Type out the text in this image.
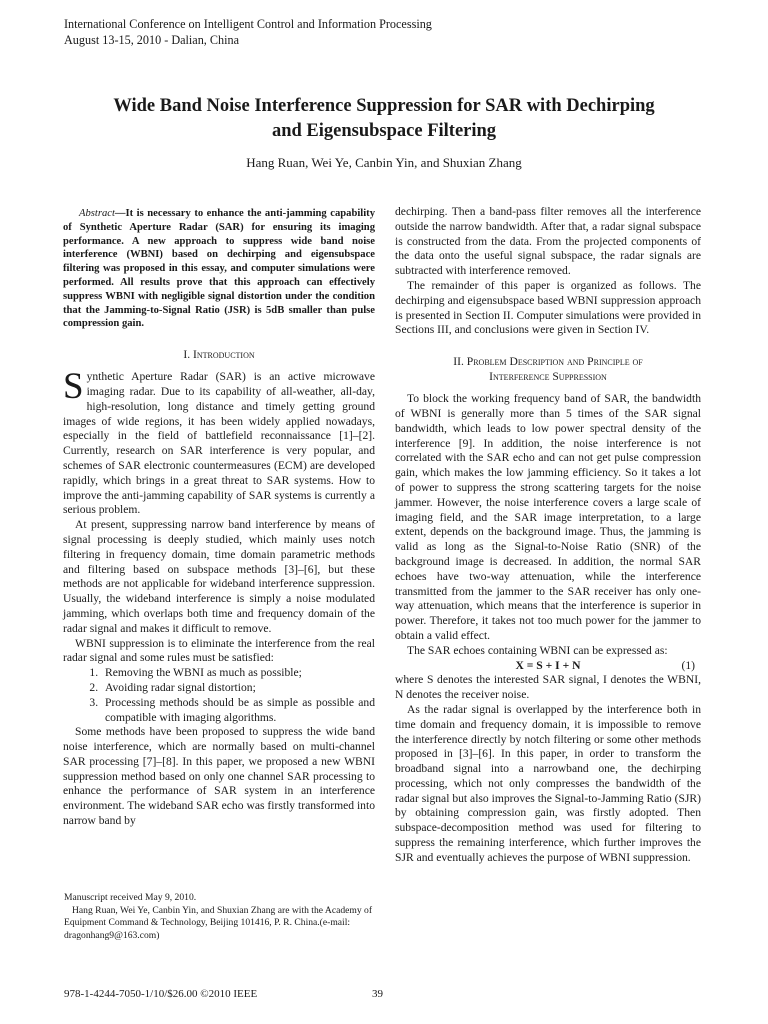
International Conference on Intelligent Control and Information Processing
August 13-15, 2010 - Dalian, China
Wide Band Noise Interference Suppression for SAR with Dechirping
and Eigensubspace Filtering
Hang Ruan, Wei Ye, Canbin Yin, and Shuxian Zhang

Abstract—It is necessary to enhance the anti-jamming capability of Synthetic Aperture Radar (SAR) for ensuring its imaging performance. A new approach to suppress wide band noise interference (WBNI) based on dechirping and eigensubspace filtering was proposed in this essay, and computer simulations were performed. All results prove that this approach can effectively suppress WBNI with negligible signal distortion under the condition that the Jamming-to-Signal Ratio (JSR) is 5dB smaller than pulse compression gain.

I. Introduction

Synthetic Aperture Radar (SAR) is an active microwave imaging radar. Due to its capability of all-weather, all-day, high-resolution, long distance and timely getting ground images of wide regions, it has been widely applied nowadays, especially in the field of battlefield reconnaissance [1]–[2]. Currently, research on SAR interference is very popular, and schemes of SAR electronic countermeasures (ECM) are developed rapidly, which brings in a great threat to SAR systems. How to improve the anti-jamming capability of SAR systems is currently a serious problem.

At present, suppressing narrow band interference by means of signal processing is deeply studied, which mainly uses notch filtering in frequency domain, time domain parametric methods and filtering based on subspace methods [3]–[6], but these methods are not applicable for wideband interference suppression. Usually, the wideband interference is simply a noise modulated jamming, which overlaps both time and frequency domain of the radar signal and makes it difficult to remove.

WBNI suppression is to eliminate the interference from the real radar signal and some rules must be satisfied:

1. Removing the WBNI as much as possible;
2. Avoiding radar signal distortion;
3. Processing methods should be as simple as possible and compatible with imaging algorithms.

Some methods have been proposed to suppress the wide band noise interference, which are normally based on multi-channel SAR processing [7]–[8]. In this paper, we proposed a new WBNI suppression method based on only one channel SAR processing to enhance the performance of SAR system in an interference environment. The wideband SAR echo was firstly transformed into narrow band by

Manuscript received May 9, 2010.

Hang Ruan, Wei Ye, Canbin Yin, and Shuxian Zhang are with the Academy of Equipment Command & Technology, Beijing 101416, P. R. China.(e-mail: dragonhang9@163.com)

dechirping. Then a band-pass filter removes all the interference outside the narrow bandwidth. After that, a radar signal subspace is constructed from the data. From the projected components of the data onto the useful signal subspace, the radar signals are subtracted with interference removed.

The remainder of this paper is organized as follows. The dechirping and eigensubspace based WBNI suppression approach is presented in Section II. Computer simulations were provided in Sections III, and conclusions were given in Section IV.

II. Problem Description and Principle of
Interference Suppression

To block the working frequency band of SAR, the bandwidth of WBNI is generally more than 5 times of the SAR signal bandwidth, which leads to low power spectral density of the interference [9]. In addition, the noise interference is not correlated with the SAR echo and can not get pulse compression gain, which makes the low jamming efficiency. So it takes a lot of power to suppress the strong scattering targets for the noise jammer. However, the noise interference covers a large scale of imaging field, and the SAR image interpretation, to a large extent, depends on the background image. Thus, the jamming is valid as long as the Signal-to-Noise Ratio (SNR) of the background image is decreased. In addition, the normal SAR echoes have two-way attenuation, while the interference transmitted from the jammer to the SAR receiver has only one-way attenuation, which means that the interference is superior in power. Therefore, it takes not too much power for the jammer to obtain a valid effect.

The SAR echoes containing WBNI can be expressed as:

X = S + I + N	(1)

where S denotes the interested SAR signal, I denotes the WBNI, N denotes the receiver noise.

As the radar signal is overlapped by the interference both in time domain and frequency domain, it is impossible to remove the interference directly by notch filtering or some other methods proposed in [3]–[6]. In this paper, in order to transform the broadband signal into a narrowband one, the dechirping processing, which not only compresses the bandwidth of the radar signal but also improves the Signal-to-Jamming Ratio (SJR) by obtaining compression gain, was firstly adopted. Then subspace-decomposition method was used for filtering to suppress the remaining interference, which further improves the SJR and eventually achieves the purpose of WBNI suppression.

978-1-4244-7050-1/10/$26.00 ©2010 IEEE	39
